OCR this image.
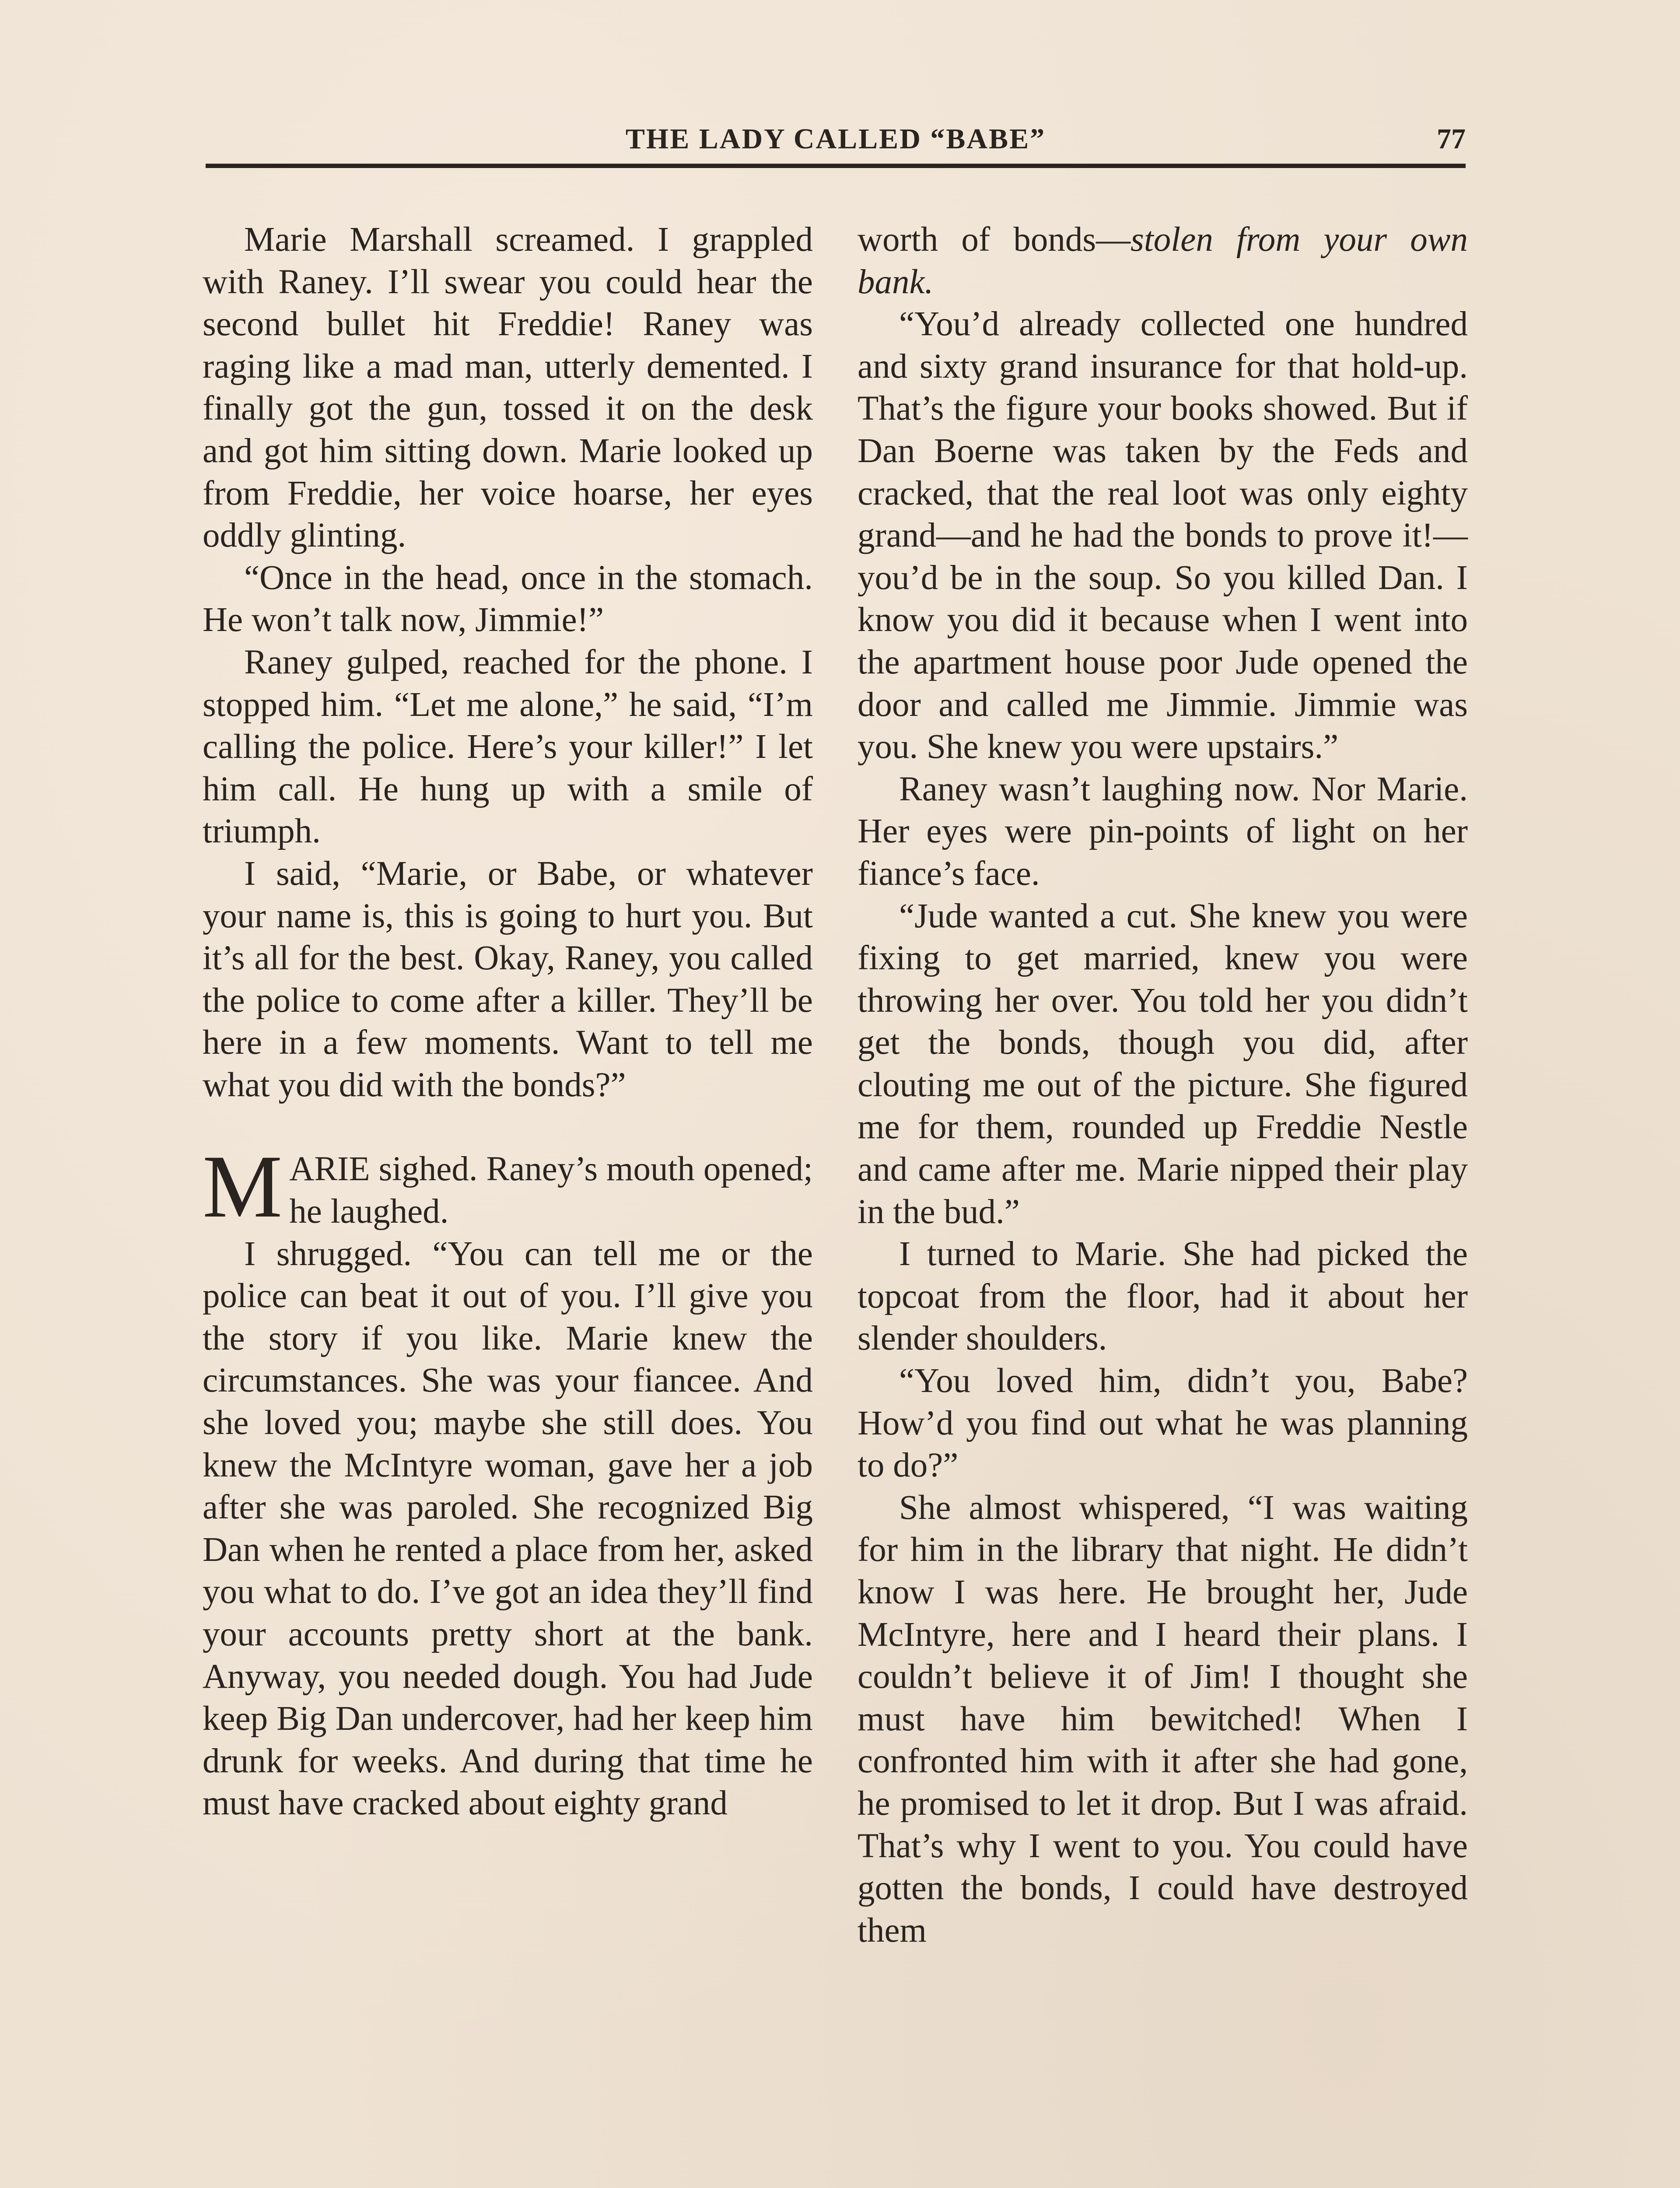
THE LADY CALLED “BABE”	77

Marie Marshall screamed. I grappled with Raney. I’ll swear you could hear the second bullet hit Freddie! Raney was raging like a mad man, utterly demented. I finally got the gun, tossed it on the desk and got him sitting down. Marie looked up from Freddie, her voice hoarse, her eyes oddly glinting.

“Once in the head, once in the stomach. He won’t talk now, Jimmie!”

Raney gulped, reached for the phone. I stopped him. “Let me alone,” he said, “I’m calling the police. Here’s your killer!” I let him call. He hung up with a smile of triumph.

I said, “Marie, or Babe, or whatever your name is, this is going to hurt you. But it’s all for the best. Okay, Raney, you called the police to come after a killer. They’ll be here in a few moments. Want to tell me what you did with the bonds?”

MARIE sighed. Raney’s mouth opened; he laughed.

I shrugged. “You can tell me or the police can beat it out of you. I’ll give you the story if you like. Marie knew the circumstances. She was your fiancee. And she loved you; maybe she still does. You knew the McIntyre woman, gave her a job after she was paroled. She recognized Big Dan when he rented a place from her, asked you what to do. I’ve got an idea they’ll find your accounts pretty short at the bank. Anyway, you needed dough. You had Jude keep Big Dan undercover, had her keep him drunk for weeks. And during that time he must have cracked about eighty grand

worth of bonds—stolen from your own bank.

“You’d already collected one hundred and sixty grand insurance for that hold-up. That’s the figure your books showed. But if Dan Boerne was taken by the Feds and cracked, that the real loot was only eighty grand—and he had the bonds to prove it!—you’d be in the soup. So you killed Dan. I know you did it because when I went into the apartment house poor Jude opened the door and called me Jimmie. Jimmie was you. She knew you were upstairs.”

Raney wasn’t laughing now. Nor Marie. Her eyes were pin-points of light on her fiance’s face.

“Jude wanted a cut. She knew you were fixing to get married, knew you were throwing her over. You told her you didn’t get the bonds, though you did, after clouting me out of the picture. She figured me for them, rounded up Freddie Nestle and came after me. Marie nipped their play in the bud.”

I turned to Marie. She had picked the topcoat from the floor, had it about her slender shoulders.

“You loved him, didn’t you, Babe? How’d you find out what he was planning to do?”

She almost whispered, “I was waiting for him in the library that night. He didn’t know I was here. He brought her, Jude McIntyre, here and I heard their plans. I couldn’t believe it of Jim! I thought she must have him bewitched! When I confronted him with it after she had gone, he promised to let it drop. But I was afraid. That’s why I went to you. You could have gotten the bonds, I could have destroyed them
